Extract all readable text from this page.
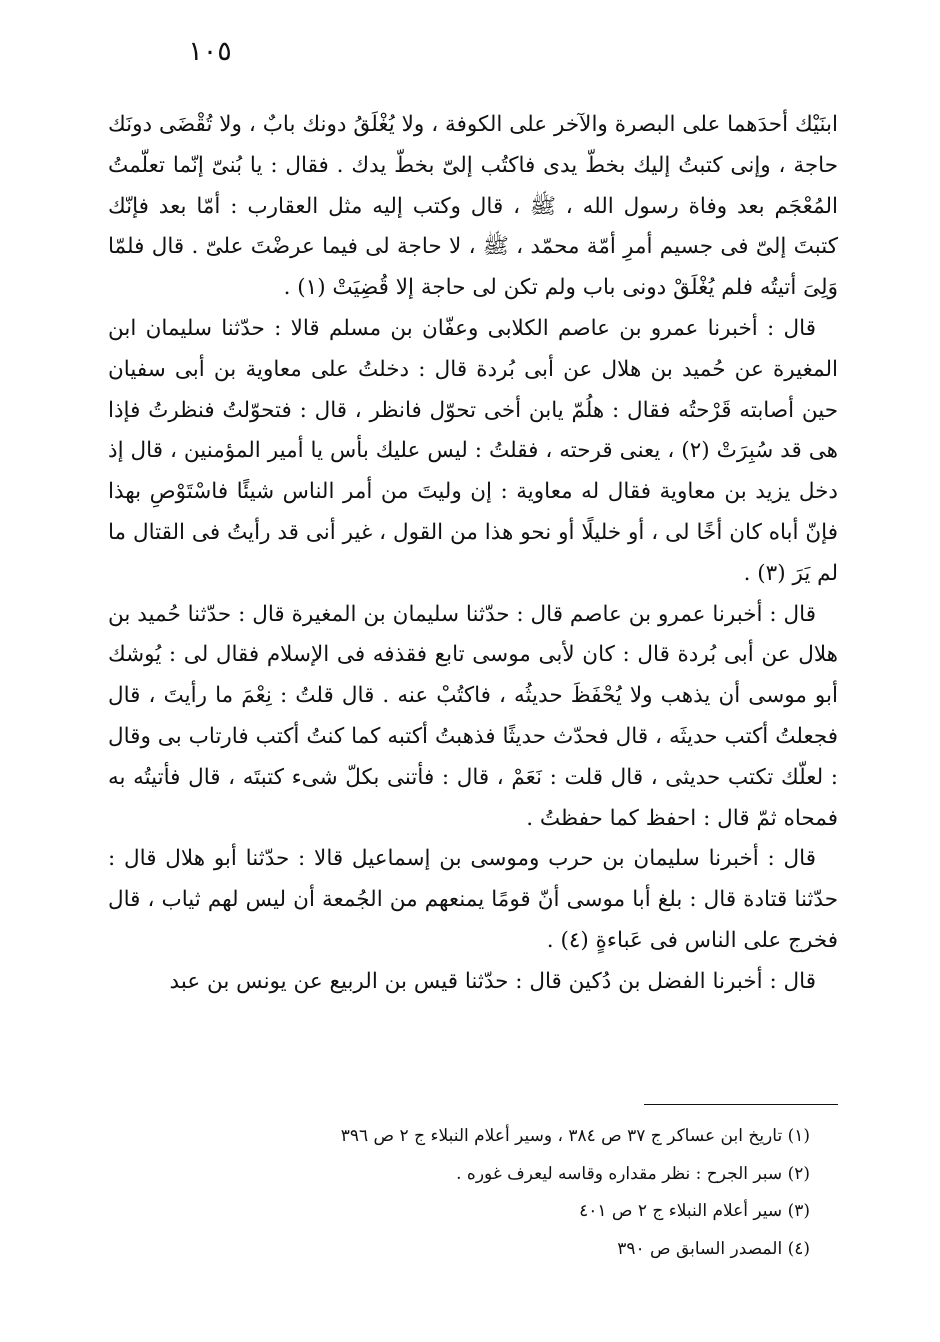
١٠٥

ابنَيْك أحدَهما على البصرة والآخر على الكوفة ، ولا يُغْلَقُ دونك بابٌ ، ولا تُقْضَى دونَك حاجة ، وإنى كتبتُ إليك بخطّ يدى فاكتُب إلىّ بخطّ يدك . فقال : يا بُنىّ إنّما تعلّمتُ المُعْجَم بعد وفاة رسول الله ، ﷺ ، قال وكتب إليه مثل العقارب : أمّا بعد فإنّك كتبتَ إلىّ فى جسيم أمرِ أمّة محمّد ، ﷺ ، لا حاجة لى فيما عرضْتَ علىّ . قال فلمّا وَلِىَ أتيتُه فلم يُغْلَقْ دونى باب ولم تكن لى حاجة إلا قُضِيَتْ (١) .

قال : أخبرنا عمرو بن عاصم الكلابى وعفّان بن مسلم قالا : حدّثنا سليمان ابن المغيرة عن حُميد بن هلال عن أبى بُردة قال : دخلتُ على معاوية بن أبى سفيان حين أصابته قَرْحتُه فقال : هلُمّ يابن أخى تحوّل فانظر ، قال : فتحوّلتُ فنظرتُ فإذا هى قد سُبِرَتْ (٢) ، يعنى قرحته ، فقلتُ : ليس عليك بأس يا أمير المؤمنين ، قال إذ دخل يزيد بن معاوية فقال له معاوية : إن وليتَ من أمر الناس شيئًا فاسْتَوْصِ بهذا فإنّ أباه كان أخًا لى ، أو خليلًا أو نحو هذا من القول ، غير أنى قد رأيتُ فى القتال ما لم يَرَ (٣) .

قال : أخبرنا عمرو بن عاصم قال : حدّثنا سليمان بن المغيرة قال : حدّثنا حُميد بن هلال عن أبى بُردة قال : كان لأبى موسى تابع فقذفه فى الإسلام فقال لى : يُوشك أبو موسى أن يذهب ولا يُحْفَظَ حديثُه ، فاكتُبْ عنه . قال قلتُ : نِعْمَ ما رأيتَ ، قال فجعلتُ أكتب حديثَه ، قال فحدّث حديثًا فذهبتُ أكتبه كما كنتُ أكتب فارتاب بى وقال : لعلّك تكتب حديثى ، قال قلت : نَعَمْ ، قال : فأتنى بكلّ شىء كتبتَه ، قال فأتيتُه به فمحاه ثمّ قال : احفظ كما حفظتُ .

قال : أخبرنا سليمان بن حرب وموسى بن إسماعيل قالا : حدّثنا أبو هلال قال : حدّثنا قتادة قال : بلغ أبا موسى أنّ قومًا يمنعهم من الجُمعة أن ليس لهم ثياب ، قال فخرج على الناس فى عَباءةٍ (٤) .

قال : أخبرنا الفضل بن دُكين قال : حدّثنا قيس بن الربيع عن يونس بن عبد

(١) تاريخ ابن عساكر ج ٣٧ ص ٣٨٤ ، وسير أعلام النبلاء ج ٢ ص ٣٩٦

(٢) سبر الجرح : نظر مقداره وقاسه ليعرف غوره .

(٣) سير أعلام النبلاء ج ٢ ص ٤٠١

(٤) المصدر السابق ص ٣٩٠
